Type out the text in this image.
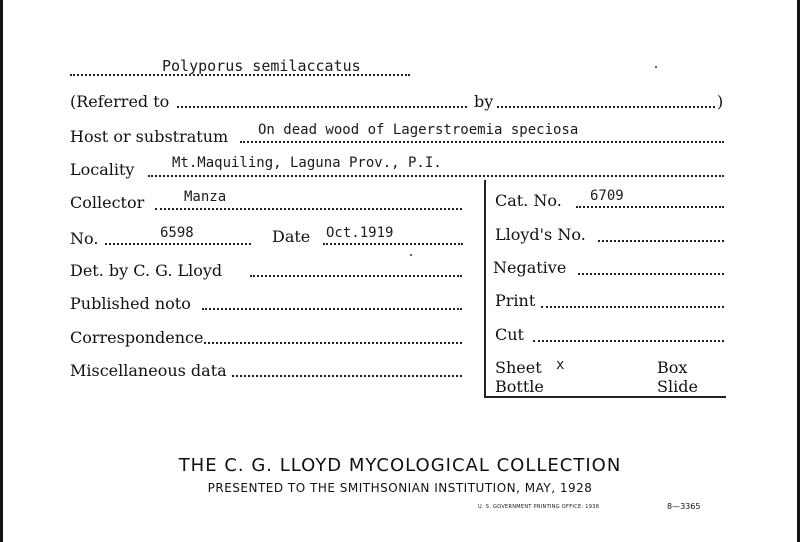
Polyporus semilaccatus
(Referred to	by	)
Host or substratum On dead wood of Lagerstroemia speciosa
Locality	Mt.Maquiling, Laguna Prov., P.I.
Collector	Manza	Cat. No. 6709
No.	6598	Date Oct.1919	Lloyd's No.
Det. by C. G. Lloyd	Negative
Published noto	Print
Correspondence	Cut
Miscellaneous data	Sheet x	Box
Bottle	Slide
THE C. G. LLOYD MYCOLOGICAL COLLECTION
PRESENTED TO THE SMITHSONIAN INSTITUTION, MAY, 1928
U. S. GOVERNMENT PRINTING OFFICE: 1938	8—3365
